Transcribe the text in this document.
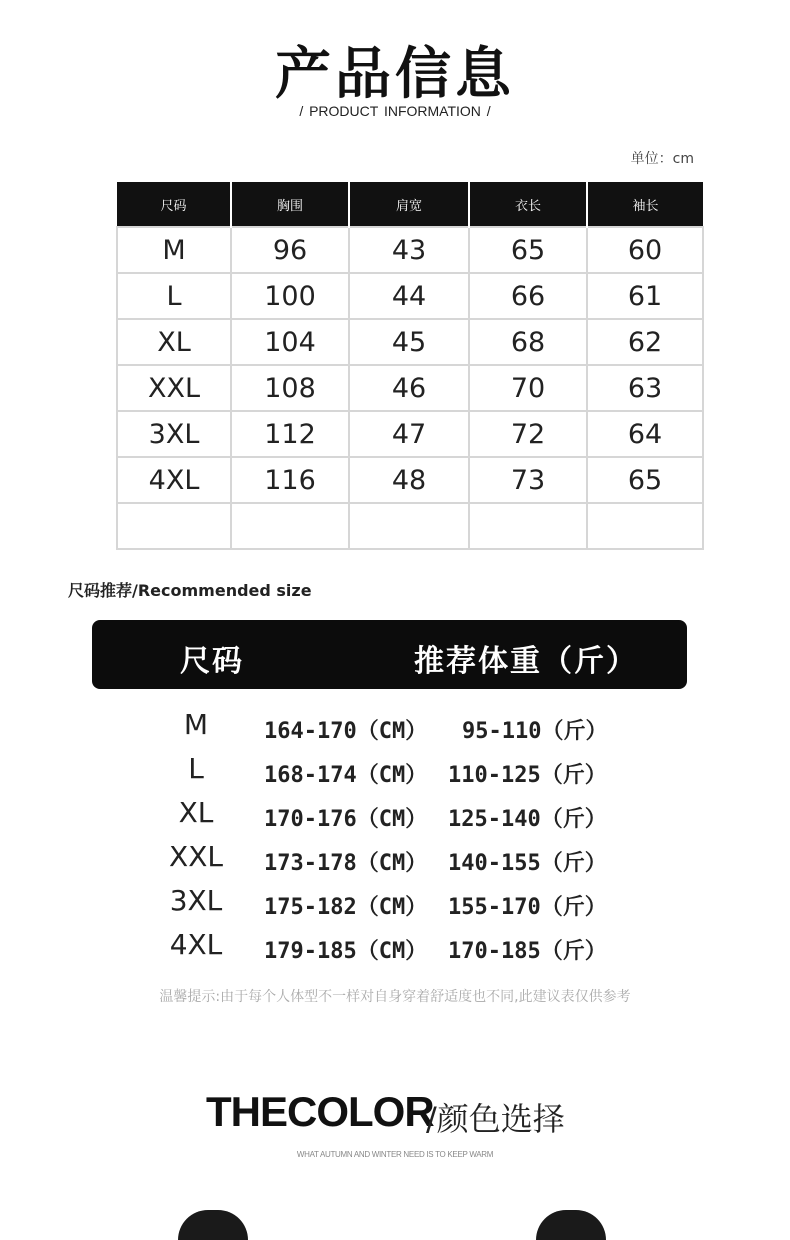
产品信息
/ PRODUCT INFORMATION /
单位：cm
尺码	胸围	肩宽	衣长	袖长
M	96	43	65	60
L	100	44	66	61
XL	104	45	68	62
XXL	108	46	70	63
3XL	112	47	72	64
4XL	116	48	73	65

尺码推荐/Recommended size
尺码	推荐体重（斤）
M	164-170（CM） 95-110（斤）
L	168-174（CM） 110-125（斤）
XL	170-176（CM） 125-140（斤）
XXL	173-178（CM） 140-155（斤）
3XL	175-182（CM） 155-170（斤）
4XL	179-185（CM） 170-185（斤）
温馨提示:由于每个人体型不一样对自身穿着舒适度也不同,此建议表仅供参考
THECOLOR
/颜色选择
WHAT AUTUMN AND WINTER NEED IS TO KEEP WARM
